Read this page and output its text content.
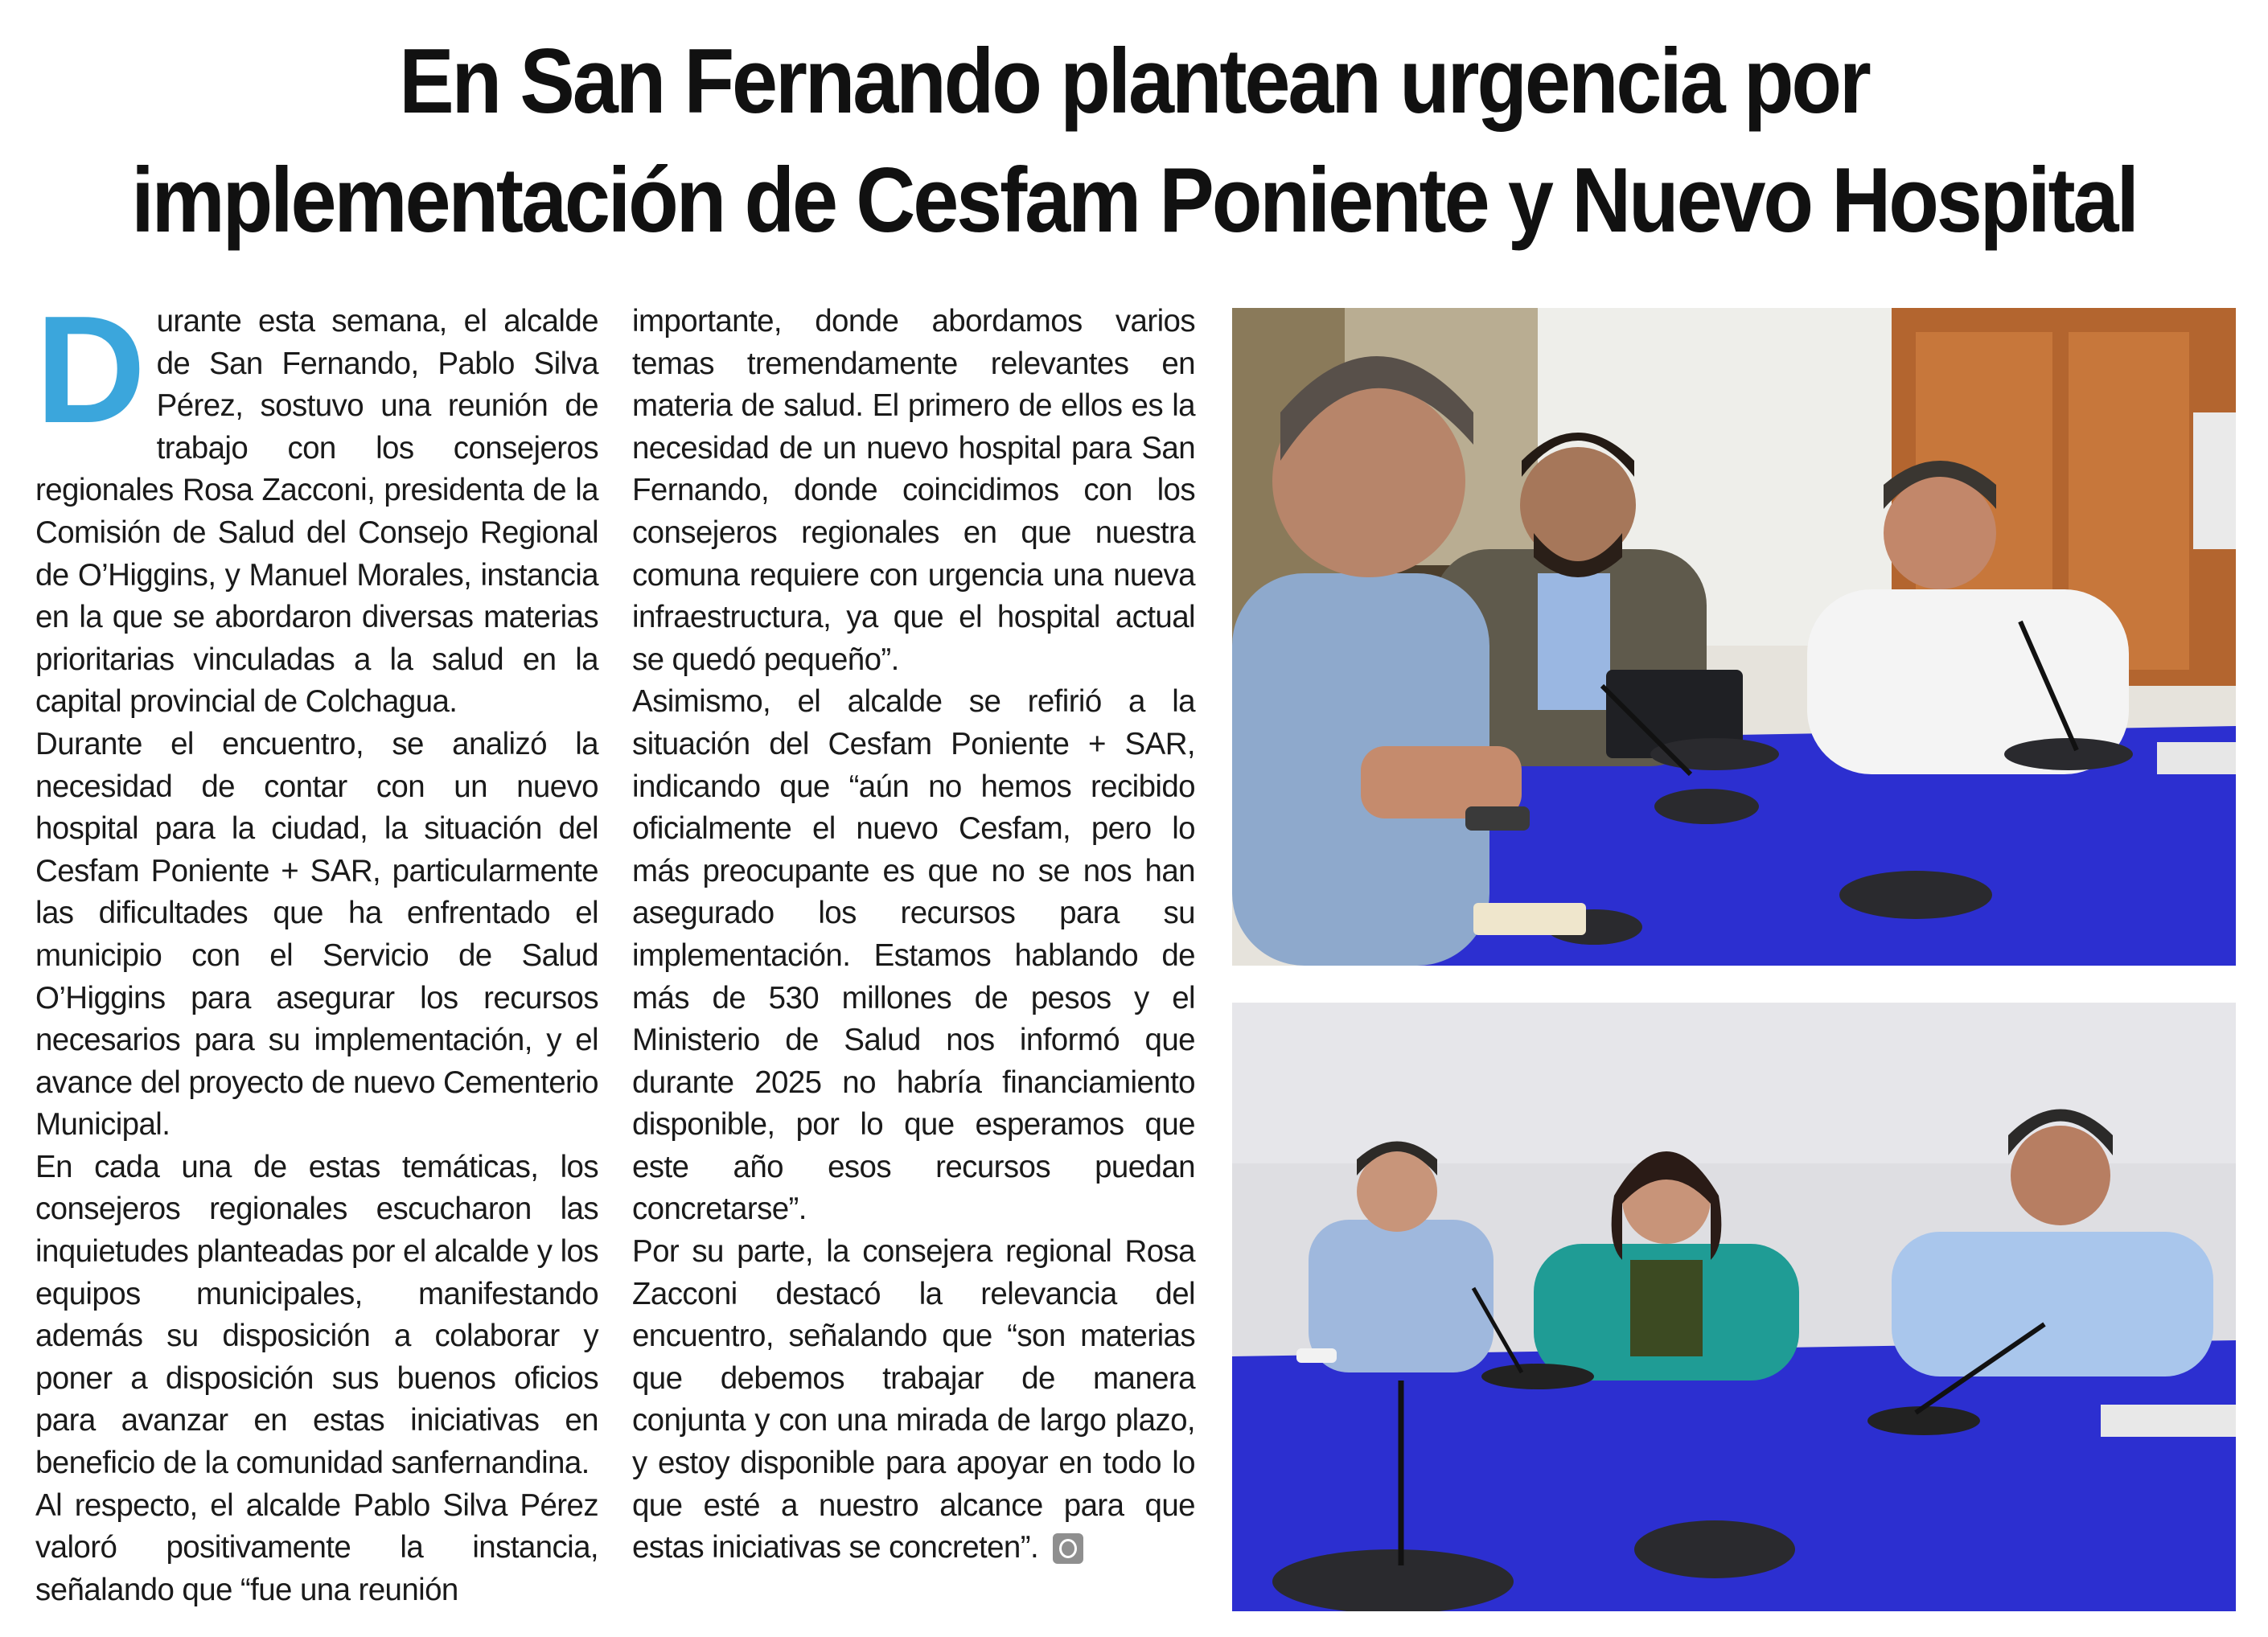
En San Fernando plantean urgencia por
implementación de Cesfam Poniente y Nuevo Hospital

Durante esta semana, el alcalde de San Fernando, Pablo Silva Pérez, sostuvo una reunión de trabajo con los consejeros regionales Rosa Zacconi, presidenta de la Comisión de Salud del Consejo Regional de O’Higgins, y Manuel Morales, instancia en la que se abordaron diversas materias prioritarias vinculadas a la salud en la capital provincial de Colchagua.

Durante el encuentro, se analizó la necesidad de contar con un nuevo hospital para la ciudad, la situación del Cesfam Poniente + SAR, particularmente las dificultades que ha enfrentado el municipio con el Servicio de Salud O’Higgins para asegurar los recursos necesarios para su implementación, y el avance del proyecto de nuevo Cementerio Municipal.

En cada una de estas temáticas, los consejeros regionales escucharon las inquietudes planteadas por el alcalde y los equipos municipales, manifestando además su disposición a colaborar y poner a disposición sus buenos oficios para avanzar en estas iniciativas en beneficio de la comunidad sanfernandina.

Al respecto, el alcalde Pablo Silva Pérez valoró positivamente la instancia, señalando que “fue una reunión

importante, donde abordamos varios temas tremendamente relevantes en materia de salud. El primero de ellos es la necesidad de un nuevo hospital para San Fernando, donde coincidimos con los consejeros regionales en que nuestra comuna requiere con urgencia una nueva infraestructura, ya que el hospital actual se quedó pequeño”.

Asimismo, el alcalde se refirió a la situación del Cesfam Poniente + SAR, indicando que “aún no hemos recibido oficialmente el nuevo Cesfam, pero lo más preocupante es que no se nos han asegurado los recursos para su implementación. Estamos hablando de más de 530 millones de pesos y el Ministerio de Salud nos informó que durante 2025 no habría financiamiento disponible, por lo que esperamos que este año esos recursos puedan concretarse”.

Por su parte, la consejera regional Rosa Zacconi destacó la relevancia del encuentro, señalando que “son materias que debemos trabajar de manera conjunta y con una mirada de largo plazo, y estoy disponible para apoyar en todo lo que esté a nuestro alcance para que estas iniciativas se concreten”.
